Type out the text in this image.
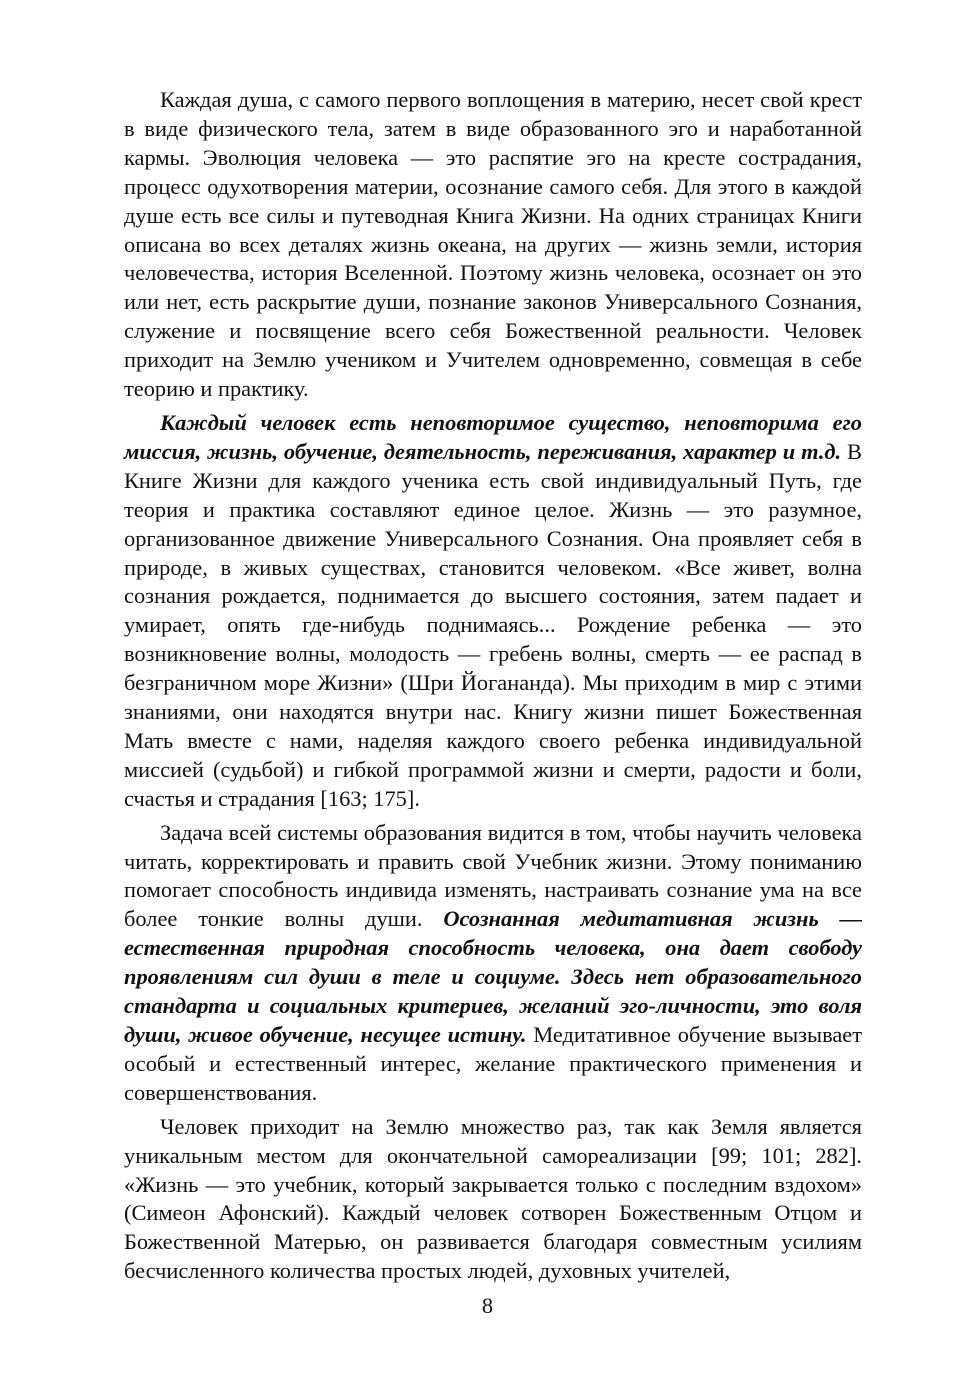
Каждая душа, с самого первого воплощения в материю, несет свой крест в виде физического тела, затем в виде образованного эго и наработанной кармы. Эволюция человека — это распятие эго на кресте сострадания, процесс одухотворения материи, осознание самого себя. Для этого в каждой душе есть все силы и путеводная Книга Жизни. На одних страницах Книги описана во всех деталях жизнь океана, на других — жизнь земли, история человечества, история Вселенной. Поэтому жизнь человека, осознает он это или нет, есть раскрытие души, познание законов Универсального Сознания, служение и посвящение всего себя Божественной реальности. Человек приходит на Землю учеником и Учителем одновременно, совмещая в себе теорию и практику.

Каждый человек есть неповторимое существо, неповторима его миссия, жизнь, обучение, деятельность, переживания, характер и т.д. В Книге Жизни для каждого ученика есть свой индивидуальный Путь, где теория и практика составляют единое целое. Жизнь — это разумное, организованное движение Универсального Сознания. Она проявляет себя в природе, в живых существах, становится человеком. «Все живет, волна сознания рождается, поднимается до высшего состояния, затем падает и умирает, опять где-нибудь поднимаясь... Рождение ребенка — это возникновение волны, молодость — гребень волны, смерть — ее распад в безграничном море Жизни» (Шри Йогананда). Мы приходим в мир с этими знаниями, они находятся внутри нас. Книгу жизни пишет Божественная Мать вместе с нами, наделяя каждого своего ребенка индивидуальной миссией (судьбой) и гибкой программой жизни и смерти, радости и боли, счастья и страдания [163; 175].

Задача всей системы образования видится в том, чтобы научить человека читать, корректировать и править свой Учебник жизни. Этому пониманию помогает способность индивида изменять, настраивать сознание ума на все более тонкие волны души. Осознанная медитативная жизнь — естественная природная способность человека, она дает свободу проявлениям сил души в теле и социуме. Здесь нет образовательного стандарта и социальных критериев, желаний эго-личности, это воля души, живое обучение, несущее истину. Медитативное обучение вызывает особый и естественный интерес, желание практического применения и совершенствования.

Человек приходит на Землю множество раз, так как Земля является уникальным местом для окончательной самореализации [99; 101; 282]. «Жизнь — это учебник, который закрывается только с последним вздохом» (Симеон Афонский). Каждый человек сотворен Божественным Отцом и Божественной Матерью, он развивается благодаря совместным усилиям бесчисленного количества простых людей, духовных учителей,

8
